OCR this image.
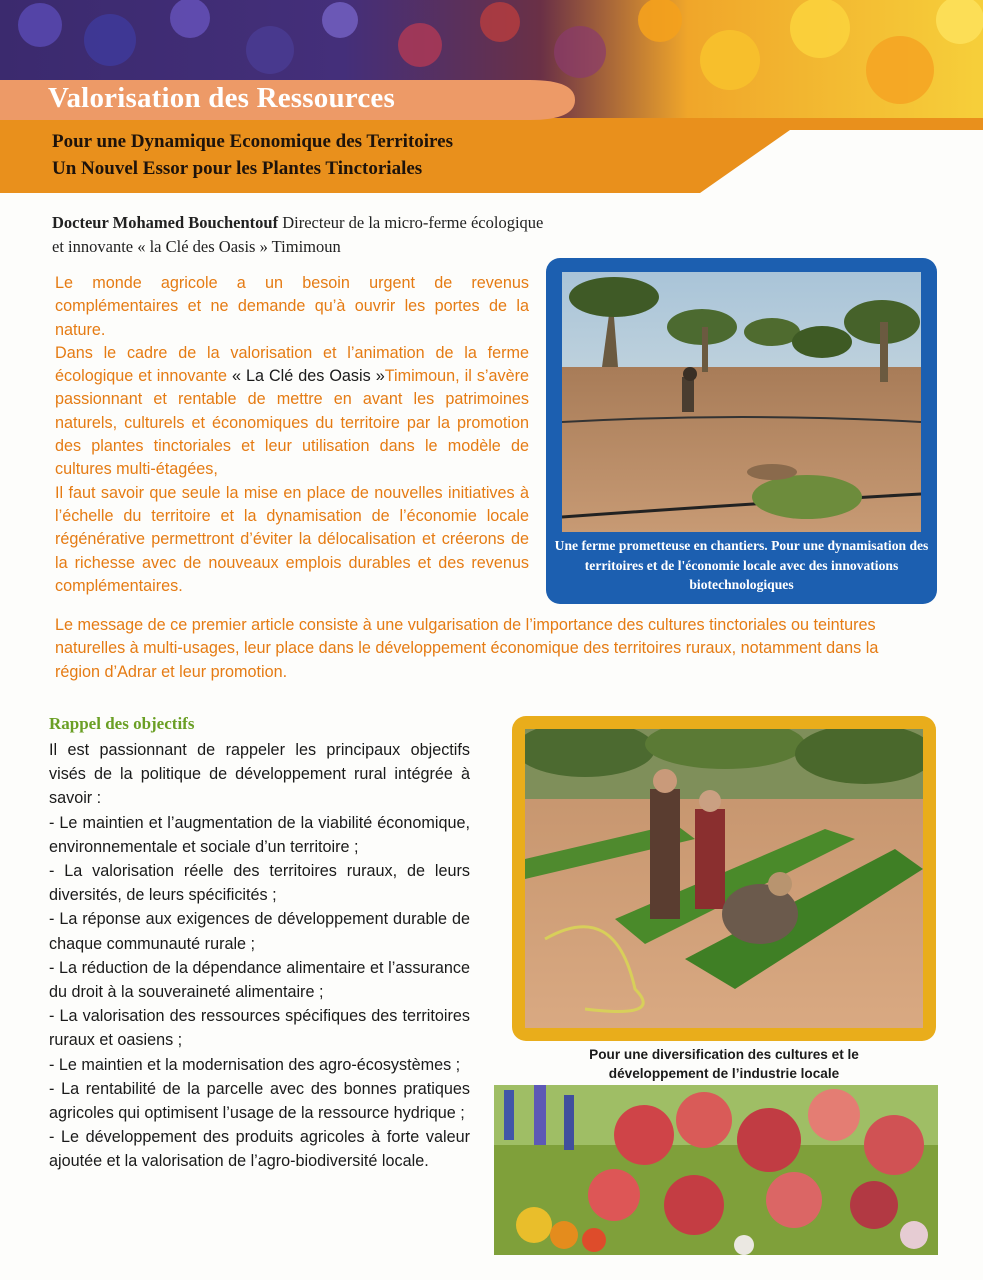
Valorisation des Ressources

Pour une Dynamique Economique des Territoires

Un Nouvel Essor pour les Plantes Tinctoriales

Docteur Mohamed Bouchentouf Directeur de la micro-ferme écologique
et innovante « la Clé des Oasis » Timimoun

Le monde agricole a un besoin urgent de revenus complémentaires et ne demande qu’à ouvrir les portes de la nature.

Dans le cadre de la valorisation et l’animation de la ferme écologique et innovante « La Clé des Oasis »Timimoun, il s’avère passionnant et rentable de mettre en avant les patrimoines naturels, culturels et économiques du territoire par la promotion des plantes tinctoriales et leur utilisation dans le modèle de cultures multi-étagées,

Il faut savoir que seule la mise en place de nouvelles initiatives à l’échelle du territoire et la dynamisation de l’économie locale régénérative permettront d’éviter la délocalisation et créerons de la richesse avec de nouveaux emplois durables et des revenus complémentaires.

Une ferme prometteuse en chantiers. Pour une dynamisation des territoires et de l'économie locale avec des innovations biotechnologiques

Le message de ce premier article consiste à une vulgarisation de l’importance des cultures tinctoriales ou teintures naturelles à multi-usages, leur place dans le développement économique des territoires ruraux, notamment dans la région d’Adrar et leur promotion.

Rappel des objectifs

Il est passionnant de rappeler les principaux objectifs visés de la politique de développement rural intégrée à savoir :

- Le maintien et l’augmentation de la viabilité économique, environnementale et sociale d’un territoire ;

- La valorisation réelle des territoires ruraux, de leurs diversités, de leurs spécificités ;

- La réponse aux exigences de développement durable de chaque communauté rurale ;

- La réduction de la dépendance alimentaire et l’assurance du droit à la souveraineté alimentaire ;

- La valorisation des ressources spécifiques des territoires ruraux et oasiens ;

- Le maintien et la modernisation des agro-écosystèmes ;

- La rentabilité de la parcelle avec des bonnes pratiques agricoles qui optimisent l’usage de la ressource hydrique ;

- Le développement des produits agricoles à forte valeur ajoutée et la valorisation de l’agro-biodiversité locale.

Pour une diversification des cultures et le
développement de l’industrie locale
